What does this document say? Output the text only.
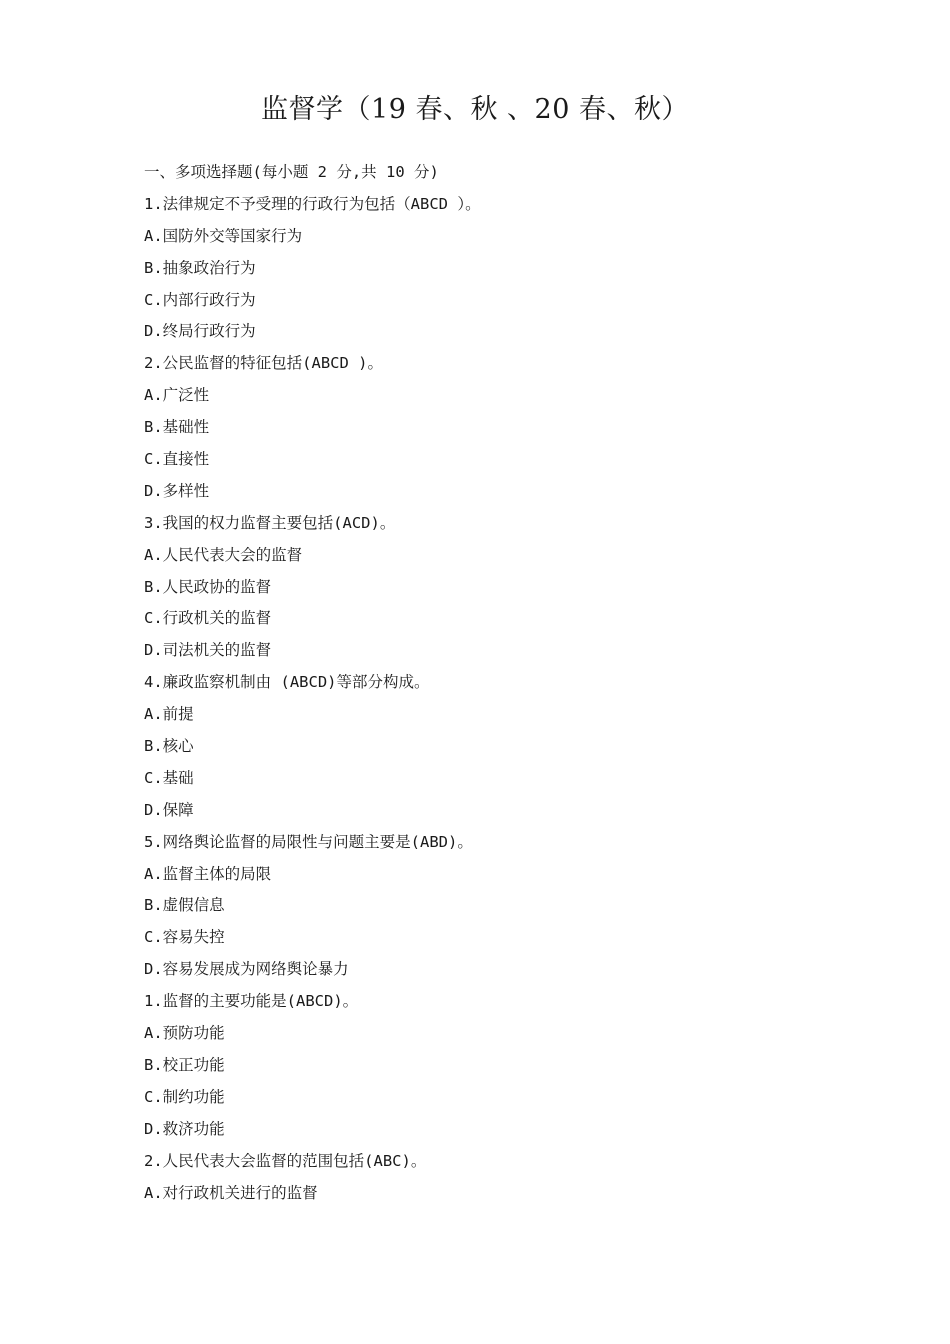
监督学（19 春、秋 、20 春、秋）
一、多项选择题(每小题 2 分,共 10 分)
1.法律规定不予受理的行政行为包括（ABCD ）。
A.国防外交等国家行为
B.抽象政治行为
C.内部行政行为
D.终局行政行为
2.公民监督的特征包括(ABCD )。
A.广泛性
B.基础性
C.直接性
D.多样性
3.我国的权力监督主要包括(ACD)。
A.人民代表大会的监督
B.人民政协的监督
C.行政机关的监督
D.司法机关的监督
4.廉政监察机制由 (ABCD)等部分构成。
A.前提
B.核心
C.基础
D.保障
5.网络舆论监督的局限性与问题主要是(ABD)。
A.监督主体的局限
B.虚假信息
C.容易失控
D.容易发展成为网络舆论暴力
1.监督的主要功能是(ABCD)。
A.预防功能
B.校正功能
C.制约功能
D.救济功能
2.人民代表大会监督的范围包括(ABC)。
A.对行政机关进行的监督
